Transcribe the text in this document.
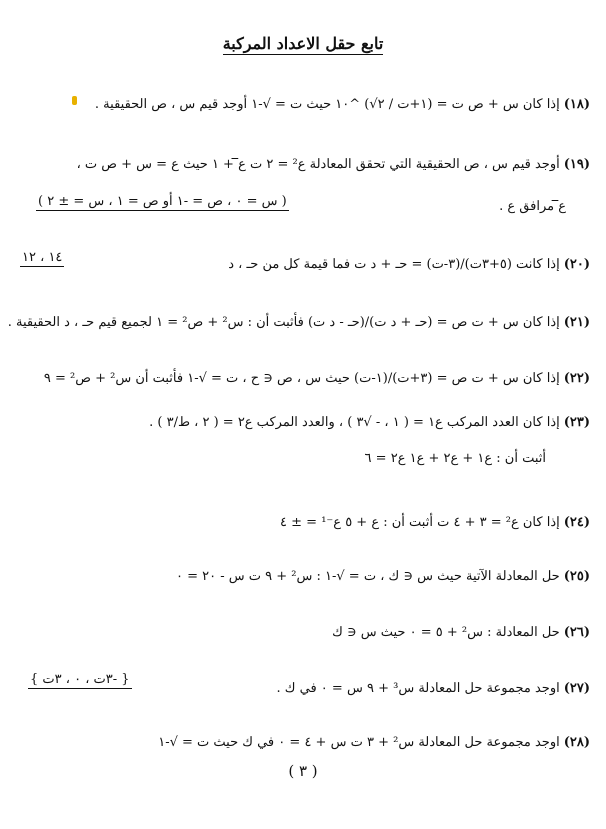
تابع حقل الاعداد المركبة
(١٨)
إذا كان س + ص ت = (١+ت / ٢√) ^١٠ حيث ت = √-١ أوجد قيم س ، ص الحقيقية .
(١٩)
أوجد قيم س ، ص الحقيقية التي تحقق المعادلة ع² = ٢ ت ع̅ + ١ حيث ع = س + ص ت ،
ع̅ مرافق ع .
( س = ٠ ، ص = -١ أو ص = ١ ، س = ± ٢ )
(٢٠)
إذا كانت (٥+٣ت)/(٣-ت) = حـ + د ت فما قيمة كل من حـ ، د
١٤ ، ١٢
(٢١)
إذا كان س + ت ص = (حـ + د ت)/(حـ - د ت) فأثبت أن : س² + ص² = ١ لجميع قيم حـ ، د الحقيقية .
(٢٢)
إذا كان س + ت ص = (٣+ت)/(١-ت) حيث س ، ص ∈ ح ، ت = √-١ فأثبت أن س² + ص² = ٩
(٢٣)
إذا كان العدد المركب ع١ = ( ١ ، - √٣ ) ، والعدد المركب ع٢ = ( ٢ ، ط/٣ ) .
أثبت أن : ع١ + ع٢ + ع١ ع٢ = ٦
(٢٤)
إذا كان ع² = ٣ + ٤ ت أثبت أن : ع + ٥ ع⁻¹ = ± ٤
(٢٥)
حل المعادلة الآتية حيث س ∈ ك ، ت = √-١ : س² + ٩ ت س - ٢٠ = ٠
(٢٦)
حل المعادلة : س² + ٥ = ٠ حيث س ∈ ك
(٢٧)
اوجد مجموعة حل المعادلة س³ + ٩ س = ٠ في ك .
{ -٣ت ، ٠ ، ٣ت }
(٢٨)
اوجد مجموعة حل المعادلة س² + ٣ ت س + ٤ = ٠ في ك حيث ت = √-١
( ٣ )
